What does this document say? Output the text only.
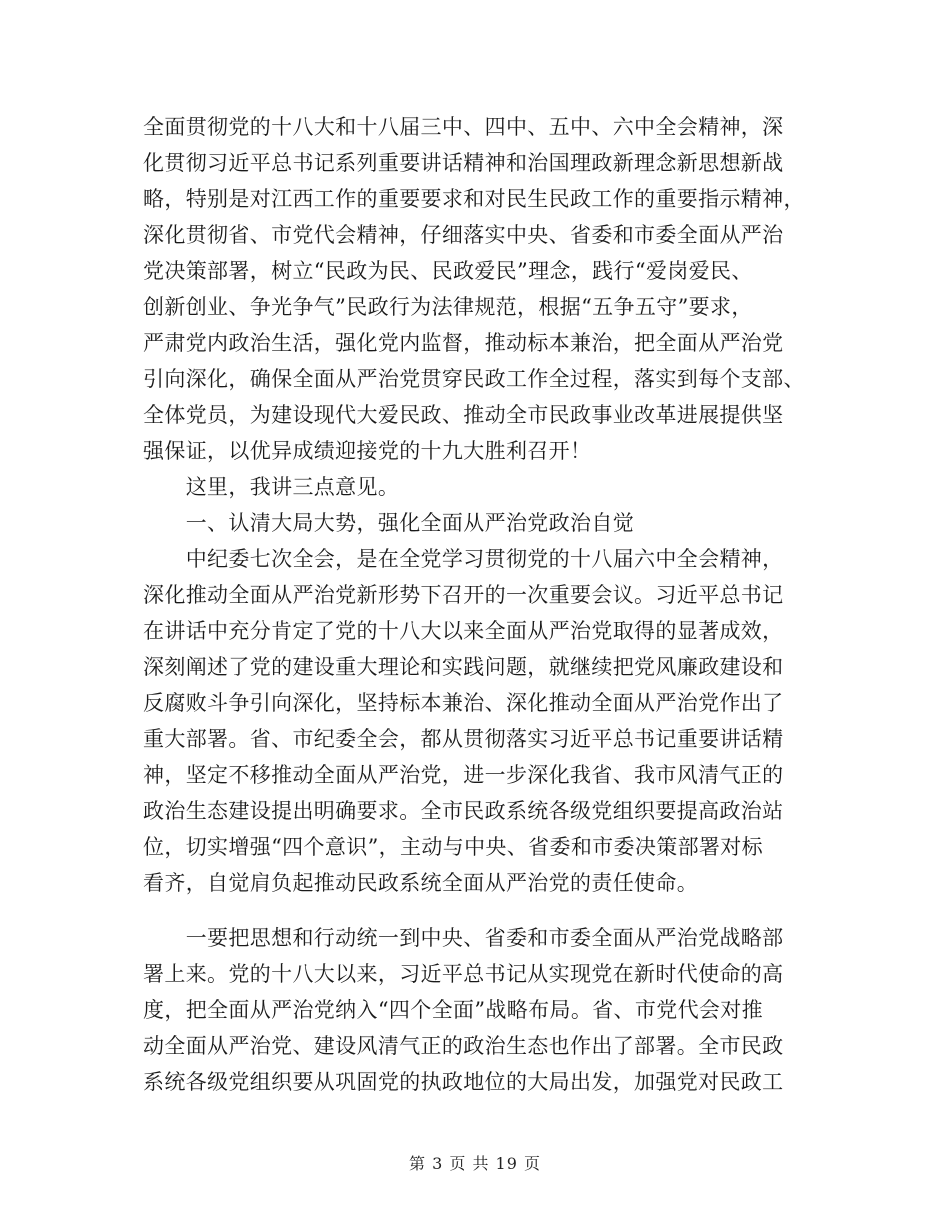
全面贯彻党的十八大和十八届三中、四中、五中、六中全会精神，深
化贯彻习近平总书记系列重要讲话精神和治国理政新理念新思想新战
略，特别是对江西工作的重要要求和对民生民政工作的重要指示精神，
深化贯彻省、市党代会精神，仔细落实中央、省委和市委全面从严治
党决策部署，树立“民政为民、民政爱民”理念，践行“爱岗爱民、
创新创业、争光争气”民政行为法律规范，根据“五争五守”要求，
严肃党内政治生活，强化党内监督，推动标本兼治，把全面从严治党
引向深化，确保全面从严治党贯穿民政工作全过程，落实到每个支部、
全体党员，为建设现代大爱民政、推动全市民政事业改革进展提供坚
强保证，以优异成绩迎接党的十九大胜利召开！
　　这里，我讲三点意见。
　　一、认清大局大势，强化全面从严治党政治自觉
　　中纪委七次全会，是在全党学习贯彻党的十八届六中全会精神，
深化推动全面从严治党新形势下召开的一次重要会议。习近平总书记
在讲话中充分肯定了党的十八大以来全面从严治党取得的显著成效，
深刻阐述了党的建设重大理论和实践问题，就继续把党风廉政建设和
反腐败斗争引向深化，坚持标本兼治、深化推动全面从严治党作出了
重大部署。省、市纪委全会，都从贯彻落实习近平总书记重要讲话精
神，坚定不移推动全面从严治党，进一步深化我省、我市风清气正的
政治生态建设提出明确要求。全市民政系统各级党组织要提高政治站
位，切实增强“四个意识”，主动与中央、省委和市委决策部署对标
看齐，自觉肩负起推动民政系统全面从严治党的责任使命。
　　一要把思想和行动统一到中央、省委和市委全面从严治党战略部
署上来。党的十八大以来，习近平总书记从实现党在新时代使命的高
度，把全面从严治党纳入“四个全面”战略布局。省、市党代会对推
动全面从严治党、建设风清气正的政治生态也作出了部署。全市民政
系统各级党组织要从巩固党的执政地位的大局出发，加强党对民政工
第 3 页 共 19 页
